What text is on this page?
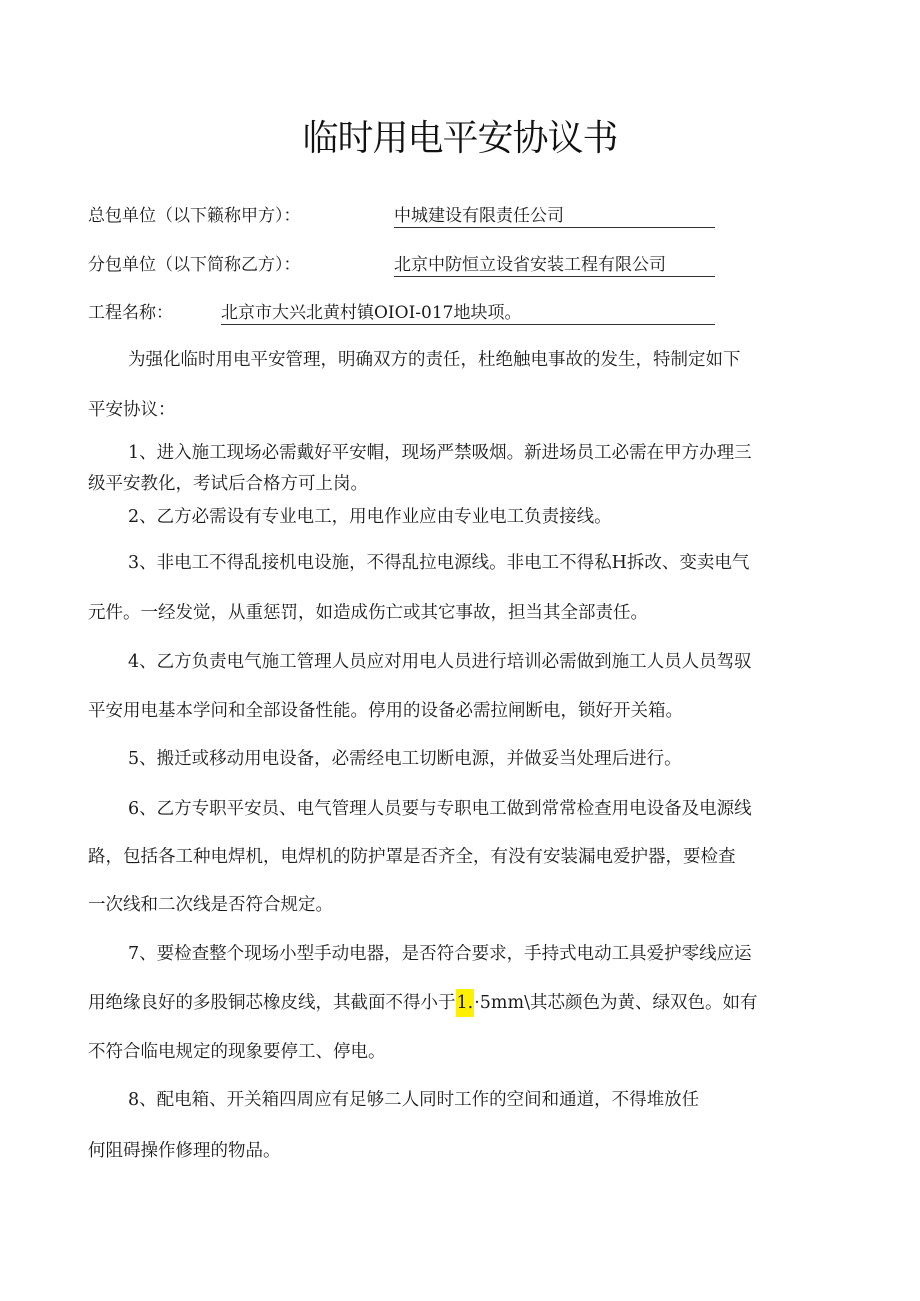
临时用电平安协议书
总包单位（以下籁称甲方）：	中城建设有限责任公司
分包单位（以下简称乙方）：	北京中防恒立设省安装工程有限公司
工程名称：	北京市大兴北黄村镇OIOI-017地块项。
为强化临时用电平安管理，明确双方的责任，杜绝触电事故的发生，特制定如下
平安协议：
1、进入施工现场必需戴好平安帽，现场严禁吸烟。新进场员工必需在甲方办理三
级平安教化，考试后合格方可上岗。
2、乙方必需设有专业电工，用电作业应由专业电工负责接线。
3、非电工不得乱接机电设施，不得乱拉电源线。非电工不得私H拆改、变卖电气
元件。一经发觉，从重惩罚，如造成伤亡或其它事故，担当其全部责任。
4、乙方负责电气施工管理人员应对用电人员进行培训必需做到施工人员人员驾驭
平安用电基本学问和全部设备性能。停用的设备必需拉闸断电，锁好开关箱。
5、搬迁或移动用电设备，必需经电工切断电源，并做妥当处理后进行。
6、乙方专职平安员、电气管理人员要与专职电工做到常常检查用电设备及电源线
路，包括各工种电焊机，电焊机的防护罩是否齐全，有没有安装漏电爱护器，要检查
一次线和二次线是否符合规定。
7、要检查整个现场小型手动电器，是否符合要求，手持式电动工具爱护零线应运
用绝缘良好的多股铜芯橡皮线，其截面不得小于1.·5mm\其芯颜色为黄、绿双色。如有
不符合临电规定的现象要停工、停电。
8、配电箱、开关箱四周应有足够二人同时工作的空间和通道，不得堆放任
何阻碍操作修理的物品。
